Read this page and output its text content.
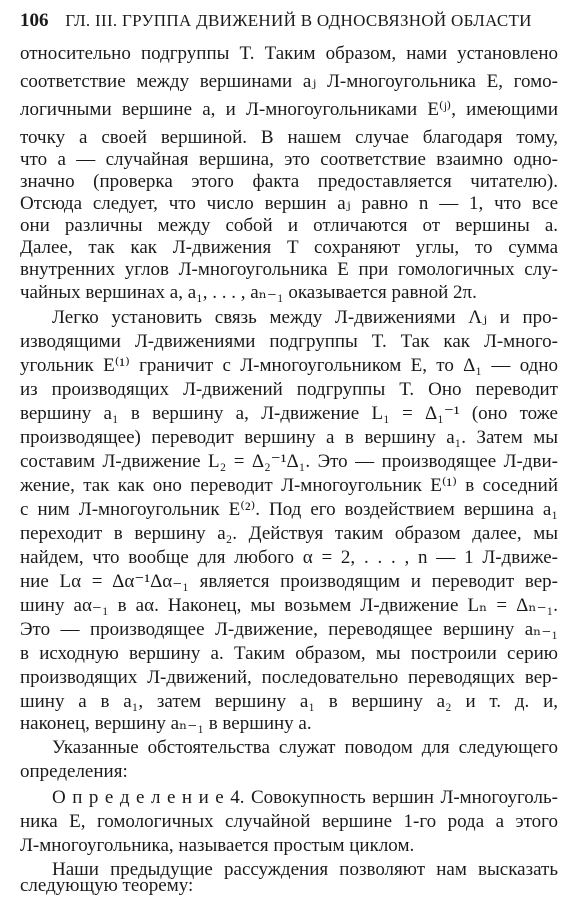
106 ГЛ. III. ГРУППА ДВИЖЕНИЙ В ОДНОСВЯЗНОЙ ОБЛАСТИ
относительно подгруппы T. Таким образом, нами установлено
соответствие между вершинами aⱼ Л-многоугольника E, гомо-
логичными вершине a, и Л-многоугольниками E⁽ʲ⁾, имеющими
точку a своей вершиной. В нашем случае благодаря тому,
что a — случайная вершина, это соответствие взаимно одно-
значно (проверка этого факта предоставляется читателю).
Отсюда следует, что число вершин aⱼ равно n — 1, что все
они различны между собой и отличаются от вершины a.
Далее, так как Л-движения T сохраняют углы, то сумма
внутренних углов Л-многоугольника E при гомологичных слу-
чайных вершинах a, a₁, . . . , aₙ₋₁ оказывается равной 2π.
Легко установить связь между Л-движениями Λⱼ и про-
изводящими Л-движениями подгруппы T. Так как Л-много-
угольник E⁽¹⁾ граничит с Л-многоугольником E, то Δ₁ — одно
из производящих Л-движений подгруппы T. Оно переводит
вершину a₁ в вершину a, Л-движение L₁ = Δ₁⁻¹ (оно тоже
производящее) переводит вершину a в вершину a₁. Затем мы
составим Л-движение L₂ = Δ₂⁻¹Δ₁. Это — производящее Л-дви-
жение, так как оно переводит Л-многоугольник E⁽¹⁾ в соседний
с ним Л-многоугольник E⁽²⁾. Под его воздействием вершина a₁
переходит в вершину a₂. Действуя таким образом далее, мы
найдем, что вообще для любого α = 2, . . . , n — 1 Л-движе-
ние Lα = Δα⁻¹Δα₋₁ является производящим и переводит вер-
шину aα₋₁ в aα. Наконец, мы возьмем Л-движение Lₙ = Δₙ₋₁.
Это — производящее Л-движение, переводящее вершину aₙ₋₁
в исходную вершину a. Таким образом, мы построили серию
производящих Л-движений, последовательно переводящих вер-
шину a в a₁, затем вершину a₁ в вершину a₂ и т. д. и,
наконец, вершину aₙ₋₁ в вершину a.
Указанные обстоятельства служат поводом для следующего
определения:
О п р е д е л е н и е 4. Совокупность вершин Л-многоуголь-
ника E, гомологичных случайной вершине 1-го рода a этого
Л-многоугольника, называется простым циклом.
Наши предыдущие рассуждения позволяют нам высказать
следующую теорему:
